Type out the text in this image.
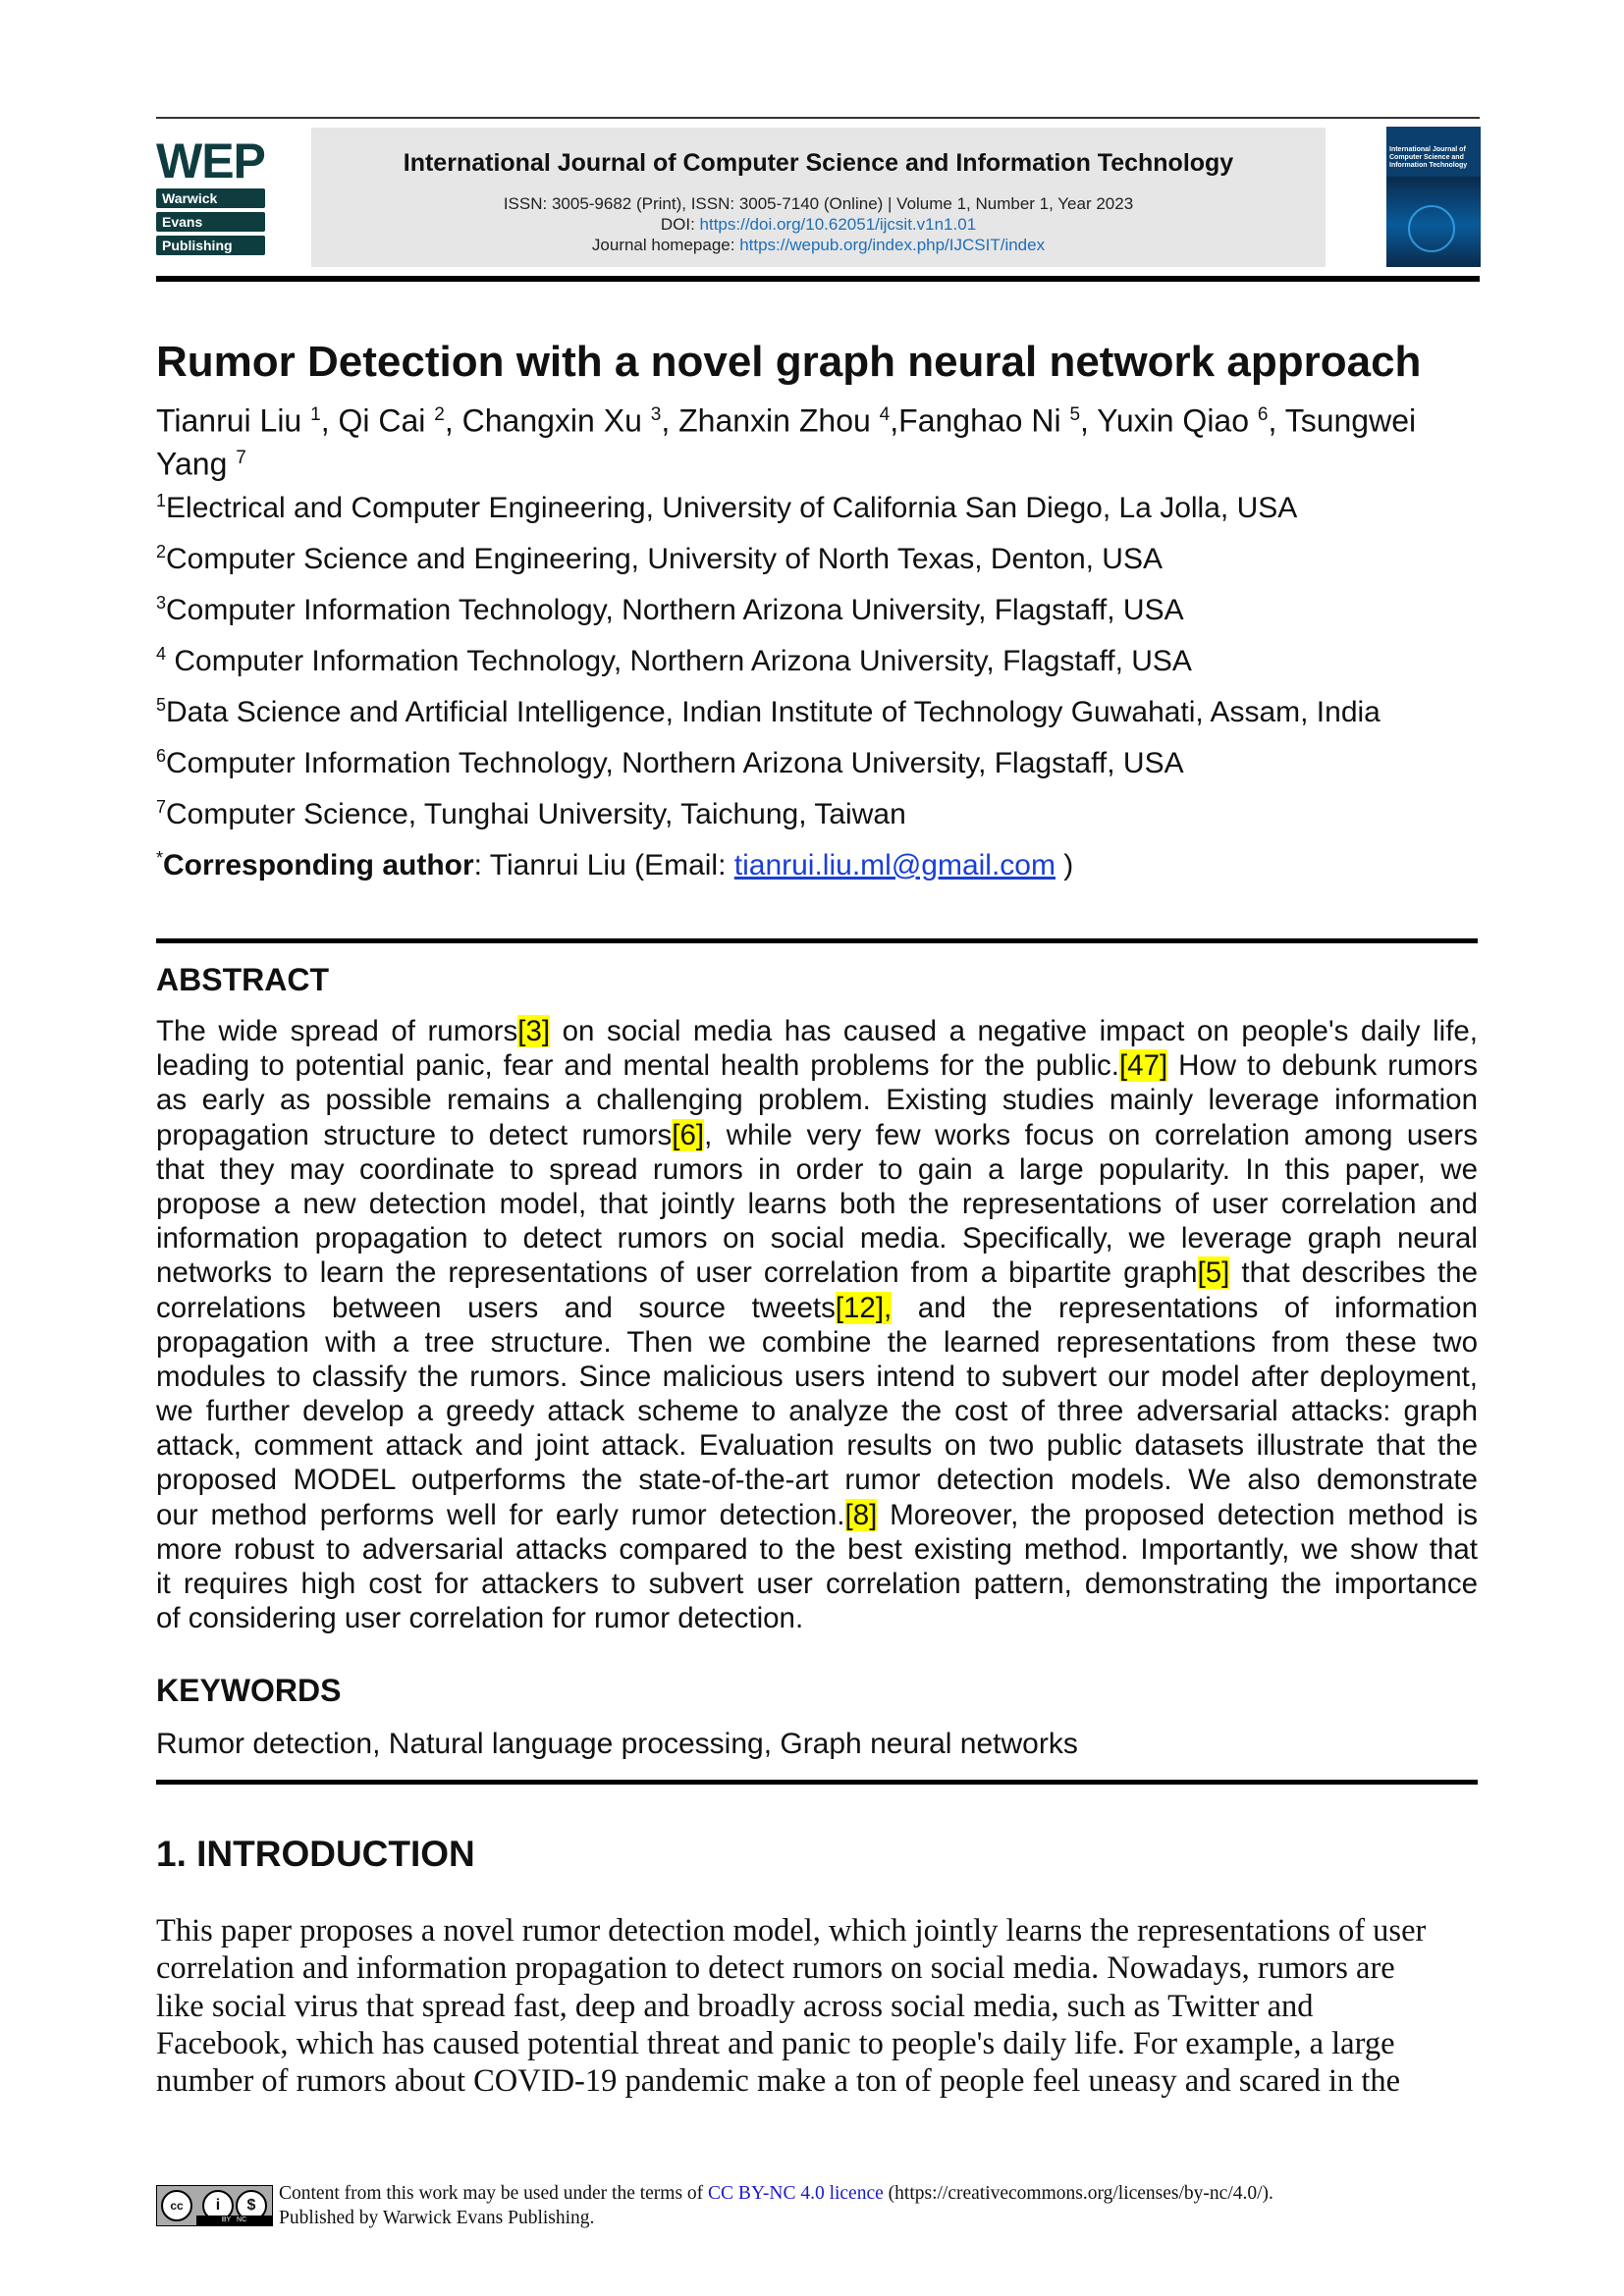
WEP
Warwick
Evans
Publishing
International Journal of Computer Science and Information Technology
ISSN: 3005-9682 (Print), ISSN: 3005-7140 (Online) | Volume 1, Number 1, Year 2023
DOI: https://doi.org/10.62051/ijcsit.v1n1.01
Journal homepage: https://wepub.org/index.php/IJCSIT/index
International Journal of Computer Science and Information Technology
Rumor Detection with a novel graph neural network approach
Tianrui Liu $^1$, Qi Cai $^2$, Changxin Xu $^3$, Zhanxin Zhou $^4$,Fanghao Ni $^5$, Yuxin Qiao $^6$, Tsungwei Yang $^7$
$^1$Electrical and Computer Engineering, University of California San Diego, La Jolla, USA
$^2$Computer Science and Engineering, University of North Texas, Denton, USA
$^3$Computer Information Technology, Northern Arizona University, Flagstaff, USA
$^4$ Computer Information Technology, Northern Arizona University, Flagstaff, USA
$^5$Data Science and Artificial Intelligence, Indian Institute of Technology Guwahati, Assam, India
$^6$Computer Information Technology, Northern Arizona University, Flagstaff, USA
$^7$Computer Science, Tunghai University, Taichung, Taiwan
*Corresponding author: Tianrui Liu (Email: tianrui.liu.ml@gmail.com )
ABSTRACT
The wide spread of rumors[3] on social media has caused a negative impact on people's daily life,
leading to potential panic, fear and mental health problems for the public.[47] How to debunk rumors
as early as possible remains a challenging problem. Existing studies mainly leverage information
propagation structure to detect rumors[6], while very few works focus on correlation among users
that they may coordinate to spread rumors in order to gain a large popularity. In this paper, we
propose a new detection model, that jointly learns both the representations of user correlation and
information propagation to detect rumors on social media. Specifically, we leverage graph neural
networks to learn the representations of user correlation from a bipartite graph[5] that describes the
correlations between users and source tweets[12], and the representations of information
propagation with a tree structure. Then we combine the learned representations from these two
modules to classify the rumors. Since malicious users intend to subvert our model after deployment,
we further develop a greedy attack scheme to analyze the cost of three adversarial attacks: graph
attack, comment attack and joint attack. Evaluation results on two public datasets illustrate that the
proposed MODEL outperforms the state-of-the-art rumor detection models. We also demonstrate
our method performs well for early rumor detection.[8] Moreover, the proposed detection method is
more robust to adversarial attacks compared to the best existing method. Importantly, we show that
it requires high cost for attackers to subvert user correlation pattern, demonstrating the importance
of considering user correlation for rumor detection.
KEYWORDS
Rumor detection, Natural language processing, Graph neural networks
1. INTRODUCTION
This paper proposes a novel rumor detection model, which jointly learns the representations of user
correlation and information propagation to detect rumors on social media. Nowadays, rumors are
like social virus that spread fast, deep and broadly across social media, such as Twitter and
Facebook, which has caused potential threat and panic to people's daily life. For example, a large
number of rumors about COVID-19 pandemic make a ton of people feel uneasy and scared in the
cc	i	$
BY NC
Content from this work may be used under the terms of CC BY-NC 4.0 licence (https://creativecommons.org/licenses/by-nc/4.0/).
Published by Warwick Evans Publishing.
